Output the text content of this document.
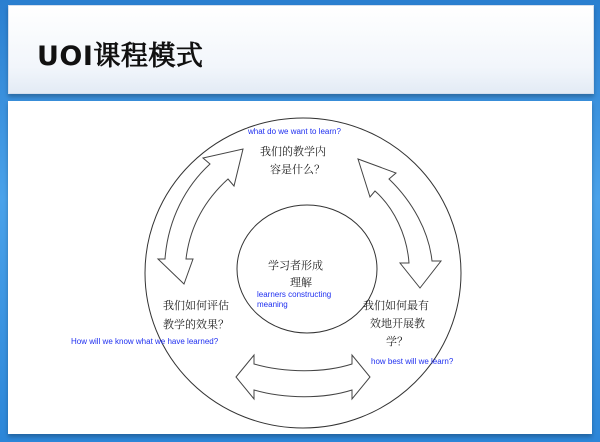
UOI课程模式
what do we want to learn?
我们的教学内
容是什么？
学习者形成
理解
learners constructing
meaning
我们如何评估
教学的效果？
How will we know what we have learned?
我们如何最有
效地开展教
学？
how best will we learn?
